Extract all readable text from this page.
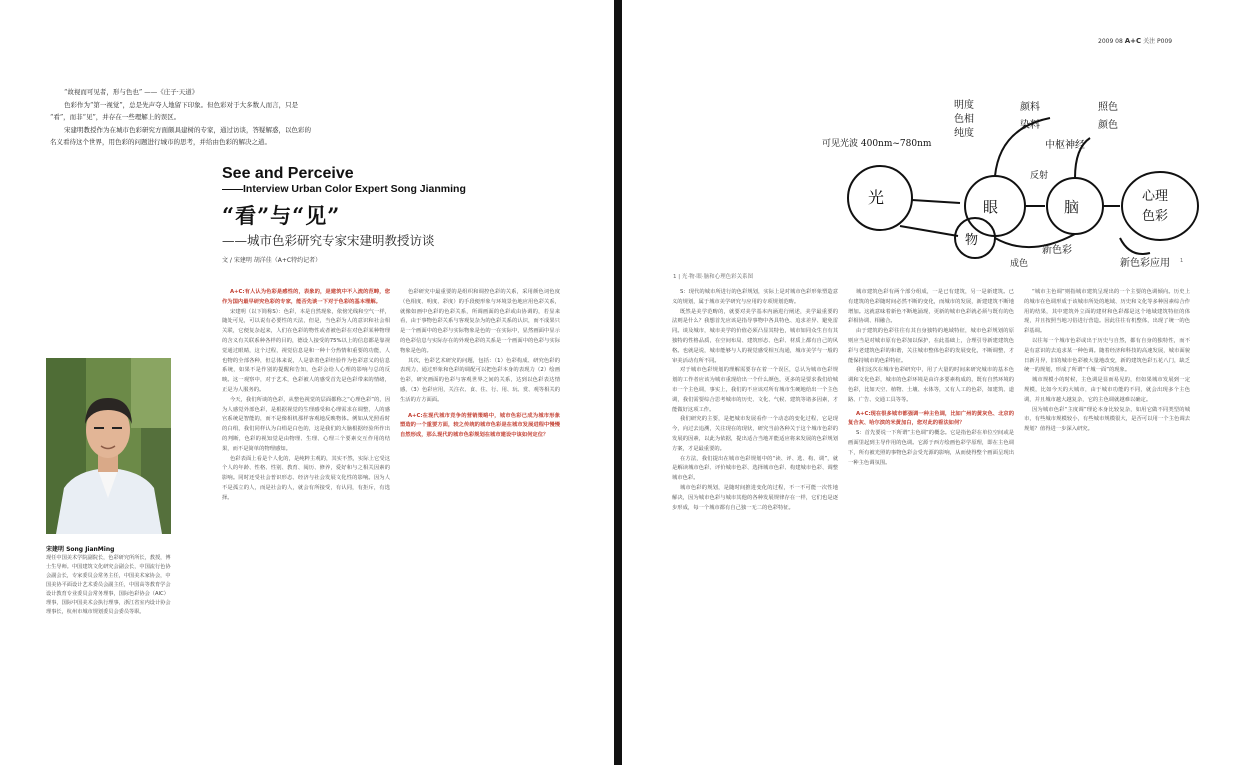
“故视而可见者，形与色也” ——《庄子·天道》

色彩作为“第一视觉”，总是先声夺人地留下印象。但色彩对于大多数人而言，只是

“看”，而非“见”，并存在一些理解上的误区。

宋建明教授作为在城市色彩研究方面颇具建树的专家，通过访谈，答疑解惑，以色彩的

名义看待这个世界，用色彩的问题进行城市的思考，并给由色彩的解决之道。

See and Perceive
——Interview Urban Color Expert Song Jianming
“看”与“见”
——城市色彩研究专家宋建明教授访谈
文 / 宋建明 胡洋佳（A+C特约记者）
宋建明 Song JianMing
现任中国美术学院副院长，色彩研究所所长，教授，博士生导师。中国建筑文化研究会副会长，中国流行色协会副会长，专家委员会常务主任，中国美术家协会，中国美协平面设计艺术委员会副主任，中国高等教育学会设计教育专业委员会常务理事，国际色彩协会（AIC）理事，国际中国美术会执行理事，浙江省室内设计协会理事长，杭州市城市规划委员会委员等职。

A+C:有人认为色彩是感性的，表象的，是建筑中不入流的范畴，您作为国内最早研究色彩的专家，能否先谈一下对于色彩的基本理解。

宋建明（以下简称S）：色彩，本是自然现象，依傍光线和空气一样，随处可见，可以说有必要性的天法，但是，当色彩为人的意识和社会相关联，它便复杂起来，人们在色彩的物性或者被色彩在对色彩某种物理的含义有关联系种各样的目的，德设人接受的75%以上的信息都是靠视觉通过眼睛，这个过程，视觉信息是和一种十分热情和重要的功能，人也物的全部各种，但总体来说，人是靠着色彩经验作为色彩意义的信息系统，如果不是作别的提醒和告知，色彩会给人心理的影响与总的反映。这一观察中，对于艺术，色彩被人的感受首先是色彩带来的情绪，正是为人服务的。

今天，我们所谈的色彩，从整色视觉的层面都称之“心理色彩”的，因为人感觉外部色彩，是根据视觉的生理感受和心理需求在调整，人的感官系统是智能的，而不是像相机那样客观地反映物体。例如从光照看时的白绢，我们同样认为白绢是白色的，这是我们的大脑根据经验所作出的判断，色彩的视知觉是由物理、生理、心理三个要素交互作用的结果，而不是简单的物理感知。

色彩表面上看是个人化的，是纯粹主观的，其实不然，实际上它受这个人的年龄、性格、性别、教育、阅历、修养，爱好和与之相关因素的影响。同时还受社会普识形态、经济与社会发展文化性的影响。因为人不是孤立的人，而是社会的人，就会有所接受，有认同，有拒斥，有选择。

色彩研究中最重要的是组织和调控色彩的关系，采用颜色词色度（色相度、明度、彩度）的手段便形象与环境景色地应用色彩关系，就像如画中色彩的色彩关系，所调画面的色彩或由协调的，若显来看，由于事物色彩关系与客观复杂为的色彩关系的认识，而不成果只是一个画面中的色彩与实际物象是色的一在实际中，显然画面中显示的色彩信息与实际存在的外观色彩的关系是一个画面中的色彩与实际物象是色的。

其次，色彩艺术研究的问题，包括：（1）色彩构成、研究色彩的表现力，通过形象和色彩的调配可以把色彩本身的表现力（2）绘画色彩，研究画面的色彩与客观世界之间的关系，达到以色彩表达情感，（3）色彩应用，关注衣、食、住、行、用、玩、赏、观等相关的生活的方方面面。

A+C:在现代城市竞争的营销策略中，城市色彩已成为城市形象塑造的一个重要方面，较之传统的城市色彩是在城市发展进程中慢慢自然形成，那么现代的城市色彩规划在城市建设中该如何定位？

2009 08 A+C 关注 P009
可见光波 400nm~780nm
光
物
眼	脑
心理
色彩
明度
色相
纯度
颜料
染料
照色
颜色
中枢神经
反射
成色
新色彩
新色彩应用
1 | 光·物·眼·脑和心理色彩关系图
1

S：现代的城市所进行的色彩规划，实际上是对城市色彩形象塑造意义的规划，属于城市美学研究与应用的专项规划范畴。

既然是美学范畴的，就要对美学基本内涵进行阐述，美学最重要的法则是什么？我想首先应该是指导事物中各具特色、追求差异、避免雷同。谈及城市，城市美学的价值必须凸显其特色，城市如同众生自有其独特的性格品质，在空间布局、建筑形态、色彩、材质上都有自己的风格。也就是说，城市能够与人的视觉感受相互沟通，城市美学与一般的审美活动有所不同。

对于城市色彩规划的理解需要存在着一个误区，总认为城市色彩规划的工作者应该为城市重现给出一个什么颜色，更多的是要求我们给城市一个主色调，事实上，我们的不应该对所有城市生硬地给出一个主色调，我们需要综合思考城市的历史、文化、气候、建筑等诸多因素，才能做好这项工作。

我们研究的主要，是把城市发展看作一个动态的变化过程，它是现今，向过去追溯，关注现在的现状，研究当前各种关于这个城市色彩的发展的因素，以此为依据，提出适合当地并能适应将来发展的色彩规划方案，才是最重要的。

在方法，我们提出在城市色彩规划中的“读、评、选、构、调”，就是解读城市色彩、评价城市色彩、选择城市色彩、构建城市色彩、调整城市色彩。

城市色彩的规划，是随时间推进变化的过程，不一不可能一次性地解决，因为城市色彩与城市其他的各种发展规律存在一样，它们也是逐步形成，每一个城市都有自己独一无二的色彩特征。

城市建筑色彩有两个部分组成，一是已有建筑，另一是新建筑。已有建筑的色彩随时间必然不断的变化，而城市的发展，新建建筑不断地增加。这就意味着新色不断地涌现，更新的城市色彩就必须与既有的色彩相协调、相融合。

由于建筑的色彩往往有其自身独特的地域特征，城市色彩规划的原则应当是对城市原有色彩加以保护，在此基础上，合理引导新建建筑色彩与老建筑色彩的和谐，关注城市整体色彩的发展变化，不断调整，才能保持城市的色彩特征。

我们这次在城市色彩研究中，用了大量的时间来研究城市的基本色调和文化色彩，城市的色彩环境是由许多要素构成的，既有自然环境的色彩，比如天空、植物、土壤、水体等，又有人工的色彩，如建筑、道路、广告、交通工具等等。

A+C:现在很多城市都强调一种主色调，比如广州的黄灰色、北京的复合灰、哈尔滨的米黄加白，您对此的看法如何？

S：首先要说一下所谓“主色调”的概念。它是指色彩在单位空间或是画面里起到主导作用的色调。它源于西方绘画色彩学原理，即在主色调下，所有被光照的事物色彩会受光源的影响，从而使得整个画面呈现出一种主色调氛围。

“城市主色调”则指城市建筑呈现出的一个主要的色调倾向。历史上的城市在色调形成于该城市所处的地域、历史和文化等多种因素综合作用的结果，其中建筑外立面的建材和色彩都是这个地域建筑特征的体现，并且按照当地习俗进行营造。因此往往有机整体，出现了统一的色彩基调。

以往每一个城市色彩或出于历史与自然，都有自身的独特性，而不是有意识的去追求某一种色调。随着经济和科技的高速发展，城市面貌日新月异，旧的城市色彩被大量地改变，新的建筑色彩五花八门，缺乏统一的规划，形成了所谓“千城一面”的现象。

城市规模小的时候，主色调是显而易见的，但如果城市发展到一定规模，比如今天的大城市，由于城市功能的不同，就会出现多个主色调，并且城市越大越复杂，它的主色调就越难以确定。

因为城市色彩“主度调”理论本身比较复杂，如用它做不同类型的城市，有些城市规模较小，有些城市规模很大，是否可以用一个主色调去规划？值得进一步深入研究。
